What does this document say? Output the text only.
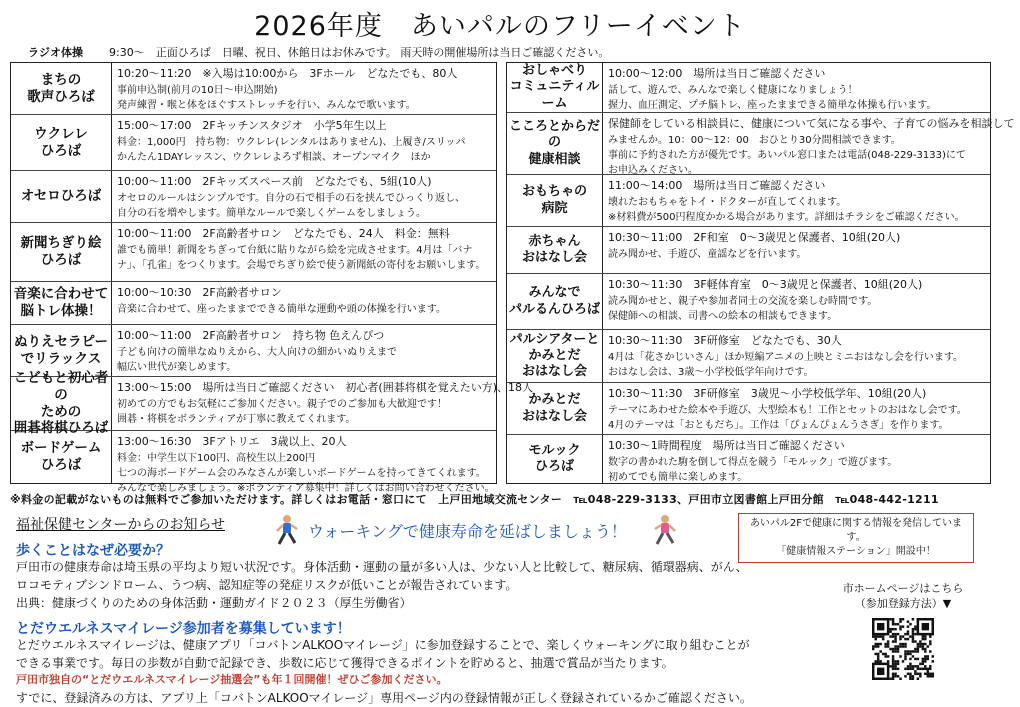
2026年度　あいパルのフリーイベント
ラジオ体操 9:30～　正面ひろば　日曜、祝日、休館日はお休みです。 雨天時の開催場所は当日ご確認ください。
まちの
歌声ひろば
10:20～11:20　※入場は10:00から　3Fホール　どなたでも、80人
事前申込制(前月の10日～申込開始)
発声練習・喉と体をほぐすストレッチを行い、みんなで歌います。
ウクレレ
ひろば
15:00～17:00　2Fキッチンスタジオ　小学5年生以上
料金：1,000円　持ち物：ウクレレ(レンタルはありません)、上履き/スリッパ
かんたん1DAYレッスン、ウクレレよろず相談、オープンマイク　ほか
オセロひろば
10:00～11:00　2Fキッズスペース前　どなたでも、5組(10人)
オセロのルールはシンプルです。自分の石で相手の石を挟んでひっくり返し、
自分の石を増やします。簡単なルールで楽しくゲームをしましょう。
新聞ちぎり絵
ひろば
10:00～11:00　2F高齢者サロン　どなたでも、24人　料金：無料
誰でも簡単！新聞をちぎって台紙に貼りながら絵を完成させます。4月は「バナ
ナ」、「孔雀」をつくります。会場でちぎり絵で使う新聞紙の寄付をお願いします。
音楽に合わせて
脳トレ体操！
10:00～10:30　2F高齢者サロン
音楽に合わせて、座ったままでできる簡単な運動や頭の体操を行います。
ぬりえセラピー
でリラックス
10:00～11:00　2F高齢者サロン　持ち物 色えんぴつ
子ども向けの簡単なぬりえから、大人向けの細かいぬりえまで
幅広い世代が楽しめます。
こどもと初心者の
ための
囲碁将棋ひろば
13:00～15:00　場所は当日ご確認ください　初心者(囲碁将棋を覚えたい方)、18人
初めての方でもお気軽にご参加ください。親子でのご参加も大歓迎です！
囲碁・将棋をボランティアが丁寧に教えてくれます。
ボードゲーム
ひろば
13:00～16:30　3Fアトリエ　3歳以上、20人
料金：中学生以下100円、高校生以上200円
七つの海ボードゲーム会のみなさんが楽しいボードゲームを持ってきてくれます。
みんなで楽しみましょう。※ボランティア募集中！詳しくはお問い合わせください。
おしゃべり
コミュニティルーム
10:00～12:00　場所は当日ご確認ください
話して、遊んで、みんなで楽しく健康になりましょう！
握力、血圧測定、プチ脳トレ、座ったままできる簡単な体操も行います。
こころとからだの
健康相談
保健師をしている相談員に、健康について気になる事や、子育ての悩みを相談して
みませんか。10：00～12：00　おひとり30分間相談できます。
事前に予約された方が優先です。あいパル窓口または電話(048-229-3133)にて
お申込みください。
おもちゃの
病院
11:00～14:00　場所は当日ご確認ください
壊れたおもちゃをトイ・ドクターが直してくれます。
※材料費が500円程度かかる場合があります。詳細はチラシをご確認ください。
赤ちゃん
おはなし会
10:30～11:00　2F和室　0～3歳児と保護者、10組(20人)
読み聞かせ、手遊び、童謡などを行います。
みんなで
パルるんひろば
10:30～11:30　3F軽体育室　0～3歳児と保護者、10組(20人)
読み聞かせと、親子や参加者同士の交流を楽しむ時間です。
保健師への相談、司書への絵本の相談もできます。
パルシアターと
かみとだ
おはなし会
10:30～11:30　3F研修室　どなたでも、30人
4月は「花さかじいさん」ほか短編アニメの上映とミニおはなし会を行います。
おはなし会は、3歳～小学校低学年向けです。
かみとだ
おはなし会
10:30～11:30　3F研修室　3歳児～小学校低学年、10組(20人)
テーマにあわせた絵本や手遊び、大型絵本も！工作とセットのおはなし会です。
4月のテーマは「おともだち」。工作は「ぴょんぴょんうさぎ」を作ります。
モルック
ひろば
10:30～1時間程度　場所は当日ご確認ください
数字の書かれた駒を倒して得点を競う「モルック」で遊びます。
初めてでも簡単に楽しめます。
※料金の記載がないものは無料でご参加いただけます。詳しくはお電話・窓口にて　上戸田地域交流センター　℡048-229-3133、戸田市立図書館上戸田分館　℡048-442-1211
福祉保健センターからのお知らせ	ウォーキングで健康寿命を延ばしましょう！	あいパル2Fで健康に関する情報を発信しています。
「健康情報ステーション」開設中！
歩くことはなぜ必要か？
戸田市の健康寿命は埼玉県の平均より短い状況です。身体活動・運動の量が多い人は、少ない人と比較して、糖尿病、循環器病、がん、
ロコモティブシンドローム、うつ病、認知症等の発症リスクが低いことが報告されています。
出典：健康づくりのための身体活動・運動ガイド２０２３（厚生労働省）
とだウエルネスマイレージ参加者を募集しています！
とだウエルネスマイレージは、健康アプリ「コバトンALKOOマイレージ」に参加登録することで、楽しくウォーキングに取り組むことが
できる事業です。毎日の歩数が自動で記録でき、歩数に応じて獲得できるポイントを貯めると、抽選で賞品が当たります。
戸田市独自の“とだウエルネスマイレージ抽選会”も年１回開催！ぜひご参加ください。
すでに、登録済みの方は、アプリ上「コバトンALKOOマイレージ」専用ページ内の登録情報が正しく登録されているかご確認ください。
市ホームページはこちら
（参加登録方法）▼
